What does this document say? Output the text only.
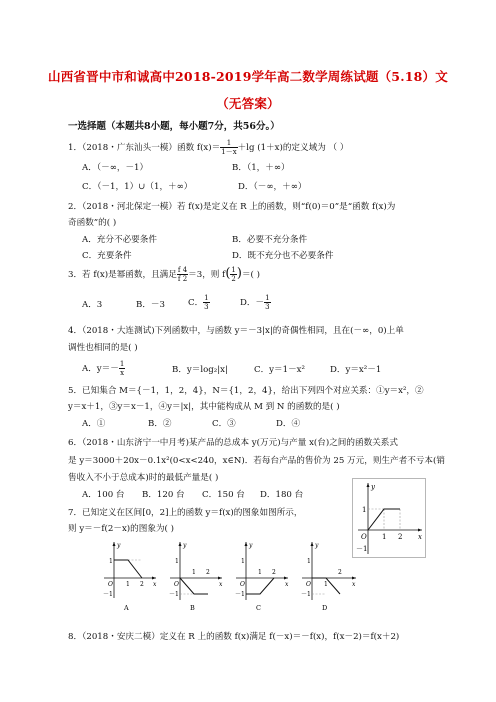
山西省晋中市和诚高中2018-2019学年高二数学周练试题（5.18）文
（无答案）
一选择题（本题共8小题，每小题7分，共56分。）
1．（2018・广东汕头一模）函数 $f(x)= \frac{1}{1-x} +\lg$ (1＋x)的定义域为 （ ）
A．（－∞，－1）	B．（1，＋∞）
C．（－1，1）∪（1，＋∞）	D．（－∞，＋∞）
2．（2018・河北保定一模）若 f(x)是定义在 R 上的函数，则“f(0)＝0”是“函数 f(x)为
奇函数”的( )
A．充分不必要条件	B．必要不充分条件
C．充要条件	D．既不充分也不必要条件
3．若 f(x)是幂函数，且满足 $\frac{f 4}{f 2} =3$，则 $f( \frac{1}{2}$ )＝( )
A．3	B．－3	C． $\frac{1}{3}$	D．－ $\frac{1}{3}$
4．（2018・大连测试)下列函数中，与函数 y＝－3|x|的奇偶性相同，且在(－∞，0)上单
调性也相同的是( )
A．$y=- \frac{1}{x}$	B．y＝log₂|x|	C．y＝1－x²	D．y＝x²－1
5．已知集合 M＝{－1，1，2，4}，N＝{1，2，4}，给出下列四个对应关系：①y＝x²，②
y＝x＋1，③y＝x－1，④y＝|x|，其中能构成从 M 到 N 的函数的是( )
A．①	B．②	C．③	D．④
6．（2018・山东济宁一中月考)某产品的总成本 y(万元)与产量 x(台)之间的函数关系式
是 y＝3000＋20x－0.1x²(0<x<240，x∈N)．若每台产品的售价为 25 万元，则生产者不亏本(销
售收入不小于总成本)时的最低产量是( )
A．100 台 B．120 台 C．150 台 D．180 台
7．已知定义在区间[0，2]上的函数 y＝f(x)的图象如图所示，
则 y＝－f(2－x)的图象为( )
y
x
O
1
1 2
－1
y
x
O
1
1 2
－1
A
y
x
O
1
1 2
－1
B
y
x
O
1
1 2
－1
C
y
x
O
1
1
2
－1
D
8．（2018・安庆二模）定义在 R 上的函数 f(x)满足 f(－x)＝－f(x)，f(x－2)＝f(x＋2)
